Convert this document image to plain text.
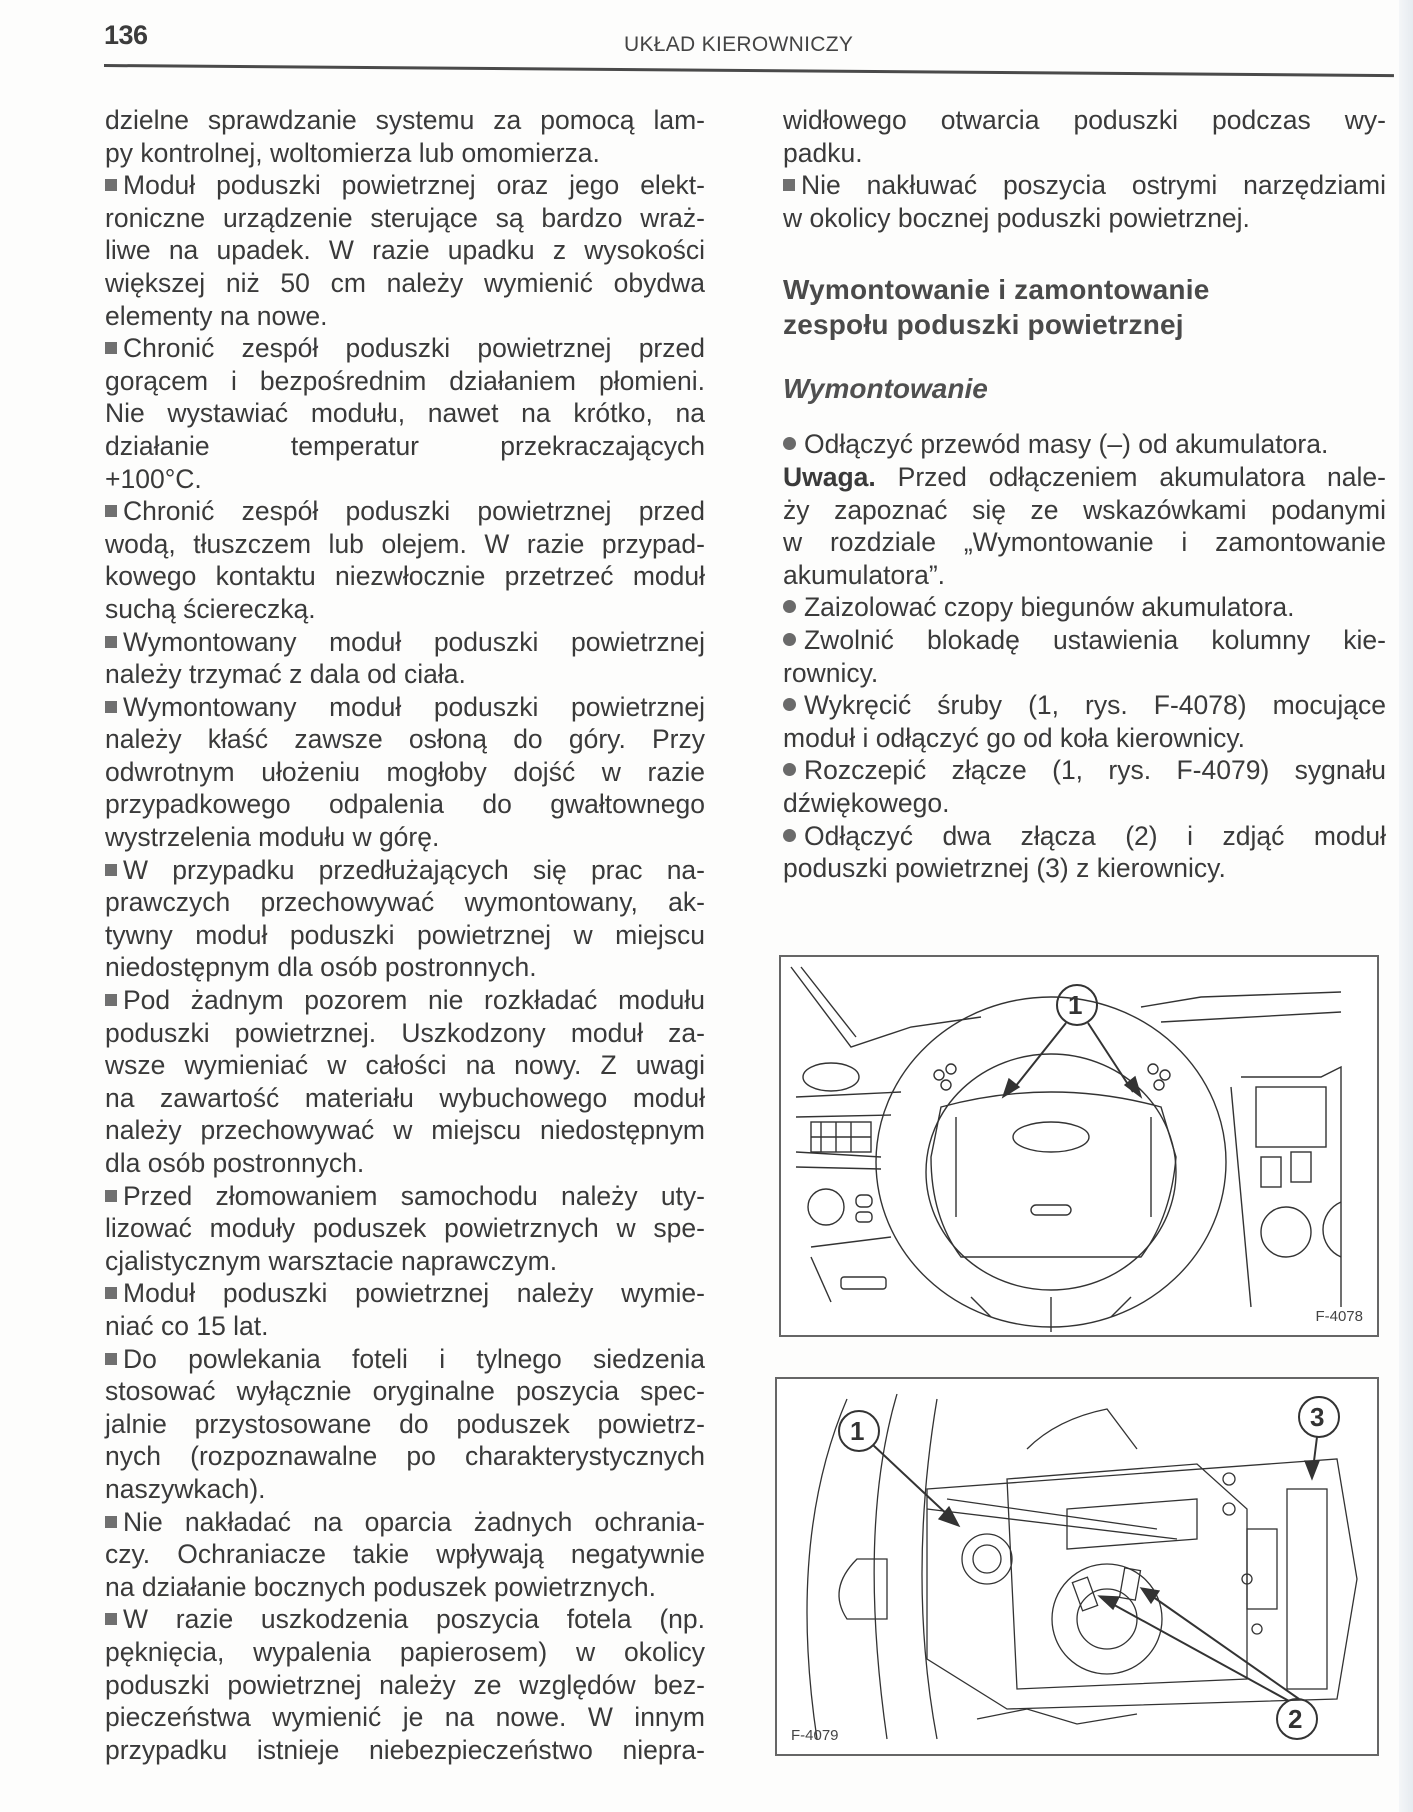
136	UKŁAD KIEROWNICZY
dzielne sprawdzanie systemu za pomocą lam-
py kontrolnej, woltomierza lub omomierza.
Moduł poduszki powietrznej oraz jego elekt-
roniczne urządzenie sterujące są bardzo wraż-
liwe na upadek. W razie upadku z wysokości
większej niż 50 cm należy wymienić obydwa
elementy na nowe.
Chronić zespół poduszki powietrznej przed
gorącem i bezpośrednim działaniem płomieni.
Nie wystawiać modułu, nawet na krótko, na
działanie temperatur przekraczających
+100°C.
Chronić zespół poduszki powietrznej przed
wodą, tłuszczem lub olejem. W razie przypad-
kowego kontaktu niezwłocznie przetrzeć moduł
suchą ściereczką.
Wymontowany moduł poduszki powietrznej
należy trzymać z dala od ciała.
Wymontowany moduł poduszki powietrznej
należy kłaść zawsze osłoną do góry. Przy
odwrotnym ułożeniu mogłoby dojść w razie
przypadkowego odpalenia do gwałtownego
wystrzelenia modułu w górę.
W przypadku przedłużających się prac na-
prawczych przechowywać wymontowany, ak-
tywny moduł poduszki powietrznej w miejscu
niedostępnym dla osób postronnych.
Pod żadnym pozorem nie rozkładać modułu
poduszki powietrznej. Uszkodzony moduł za-
wsze wymieniać w całości na nowy. Z uwagi
na zawartość materiału wybuchowego moduł
należy przechowywać w miejscu niedostępnym
dla osób postronnych.
Przed złomowaniem samochodu należy uty-
lizować moduły poduszek powietrznych w spe-
cjalistycznym warsztacie naprawczym.
Moduł poduszki powietrznej należy wymie-
niać co 15 lat.
Do powlekania foteli i tylnego siedzenia
stosować wyłącznie oryginalne poszycia spec-
jalnie przystosowane do poduszek powietrz-
nych (rozpoznawalne po charakterystycznych
naszywkach).
Nie nakładać na oparcia żadnych ochrania-
czy. Ochraniacze takie wpływają negatywnie
na działanie bocznych poduszek powietrznych.
W razie uszkodzenia poszycia fotela (np.
pęknięcia, wypalenia papierosem) w okolicy
poduszki powietrznej należy ze względów bez-
pieczeństwa wymienić je na nowe. W innym
przypadku istnieje niebezpieczeństwo niepra-
widłowego otwarcia poduszki podczas wy-
padku.
Nie nakłuwać poszycia ostrymi narzędziami
w okolicy bocznej poduszki powietrznej.
Wymontowanie i zamontowanie
zespołu poduszki powietrznej
Wymontowanie
Odłączyć przewód masy (–) od akumulatora.
Uwaga. Przed odłączeniem akumulatora nale-
ży zapoznać się ze wskazówkami podanymi
w rozdziale „Wymontowanie i zamontowanie
akumulatora”.
Zaizolować czopy biegunów akumulatora.
Zwolnić blokadę ustawienia kolumny kie-
rownicy.
Wykręcić śruby (1, rys. F-4078) mocujące
moduł i odłączyć go od koła kierownicy.
Rozczepić złącze (1, rys. F-4079) sygnału
dźwiękowego.
Odłączyć dwa złącza (2) i zdjąć moduł
poduszki powietrznej (3) z kierownicy.
1
F-4078
1
2
3
F-4079
